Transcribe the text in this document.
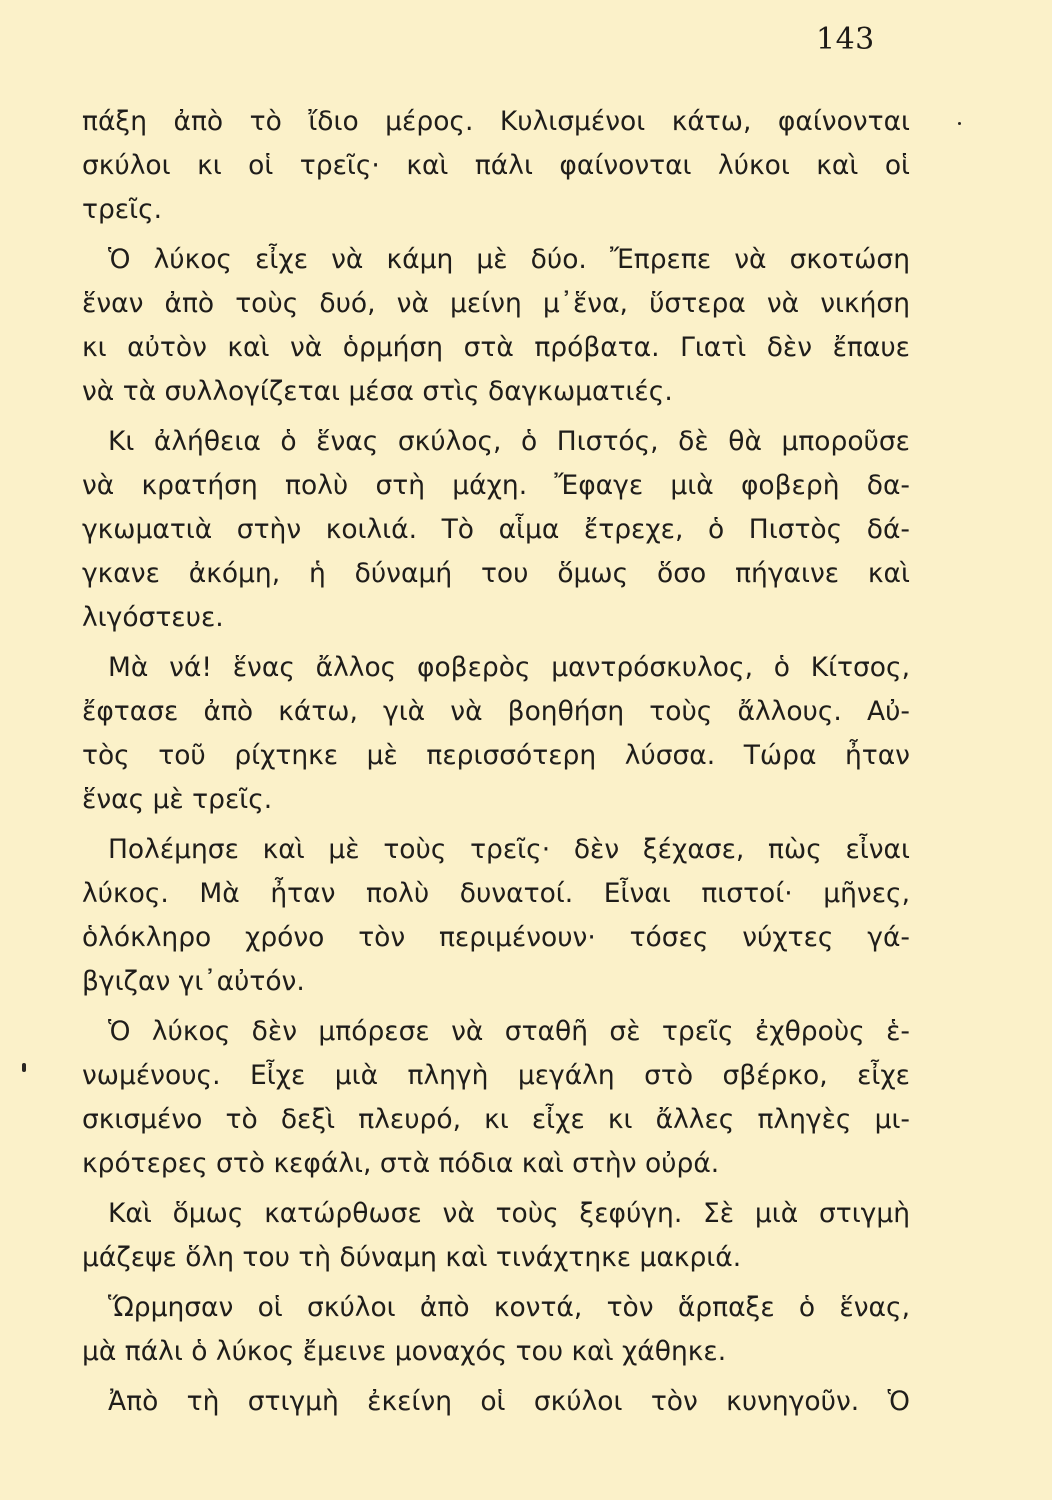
143
πάξη ἀπὸ τὸ ἴδιο μέρος. Κυλισμένοι κάτω, φαίνονται
σκύλοι κι οἱ τρεῖς· καὶ πάλι φαίνονται λύκοι καὶ οἱ
τρεῖς.
Ὁ λύκος εἶχε νὰ κάμη μὲ δύο. Ἔπρεπε νὰ σκοτώση
ἕναν ἀπὸ τοὺς δυό, νὰ μείνη μ᾽ἕνα, ὕστερα νὰ νικήση
κι αὐτὸν καὶ νὰ ὁρμήση στὰ πρόβατα. Γιατὶ δὲν ἔπαυε
νὰ τὰ συλλογίζεται μέσα στὶς δαγκωματιές.
Κι ἀλήθεια ὁ ἕνας σκύλος, ὁ Πιστός, δὲ θὰ μποροῦσε
νὰ κρατήση πολὺ στὴ μάχη. Ἔφαγε μιὰ φοβερὴ δα-
γκωματιὰ στὴν κοιλιά. Τὸ αἷμα ἔτρεχε, ὁ Πιστὸς δά-
γκανε ἀκόμη, ἡ δύναμή του ὅμως ὅσο πήγαινε καὶ
λιγόστευε.
Μὰ νά! ἕνας ἄλλος φοβερὸς μαντρόσκυλος, ὁ Κίτσος,
ἔφτασε ἀπὸ κάτω, γιὰ νὰ βοηθήση τοὺς ἄλλους. Αὐ-
τὸς τοῦ ρίχτηκε μὲ περισσότερη λύσσα. Τώρα ἦταν
ἕνας μὲ τρεῖς.
Πολέμησε καὶ μὲ τοὺς τρεῖς· δὲν ξέχασε, πὼς εἶναι
λύκος. Μὰ ἦταν πολὺ δυνατοί. Εἶναι πιστοί· μῆνες,
ὁλόκληρο χρόνο τὸν περιμένουν· τόσες νύχτες γά-
βγιζαν γι᾽αὐτόν.
Ὁ λύκος δὲν μπόρεσε νὰ σταθῆ σὲ τρεῖς ἐχθροὺς ἑ-
νωμένους. Εἶχε μιὰ πληγὴ μεγάλη στὸ σβέρκο, εἶχε
σκισμένο τὸ δεξὶ πλευρό, κι εἶχε κι ἄλλες πληγὲς μι-
κρότερες στὸ κεφάλι, στὰ πόδια καὶ στὴν οὐρά.
Καὶ ὅμως κατώρθωσε νὰ τοὺς ξεφύγη. Σὲ μιὰ στιγμὴ
μάζεψε ὅλη του τὴ δύναμη καὶ τινάχτηκε μακριά.
Ὥρμησαν οἱ σκύλοι ἀπὸ κοντά, τὸν ἅρπαξε ὁ ἕνας,
μὰ πάλι ὁ λύκος ἔμεινε μοναχός του καὶ χάθηκε.
Ἀπὸ τὴ στιγμὴ ἐκείνη οἱ σκύλοι τὸν κυνηγοῦν. Ὁ
